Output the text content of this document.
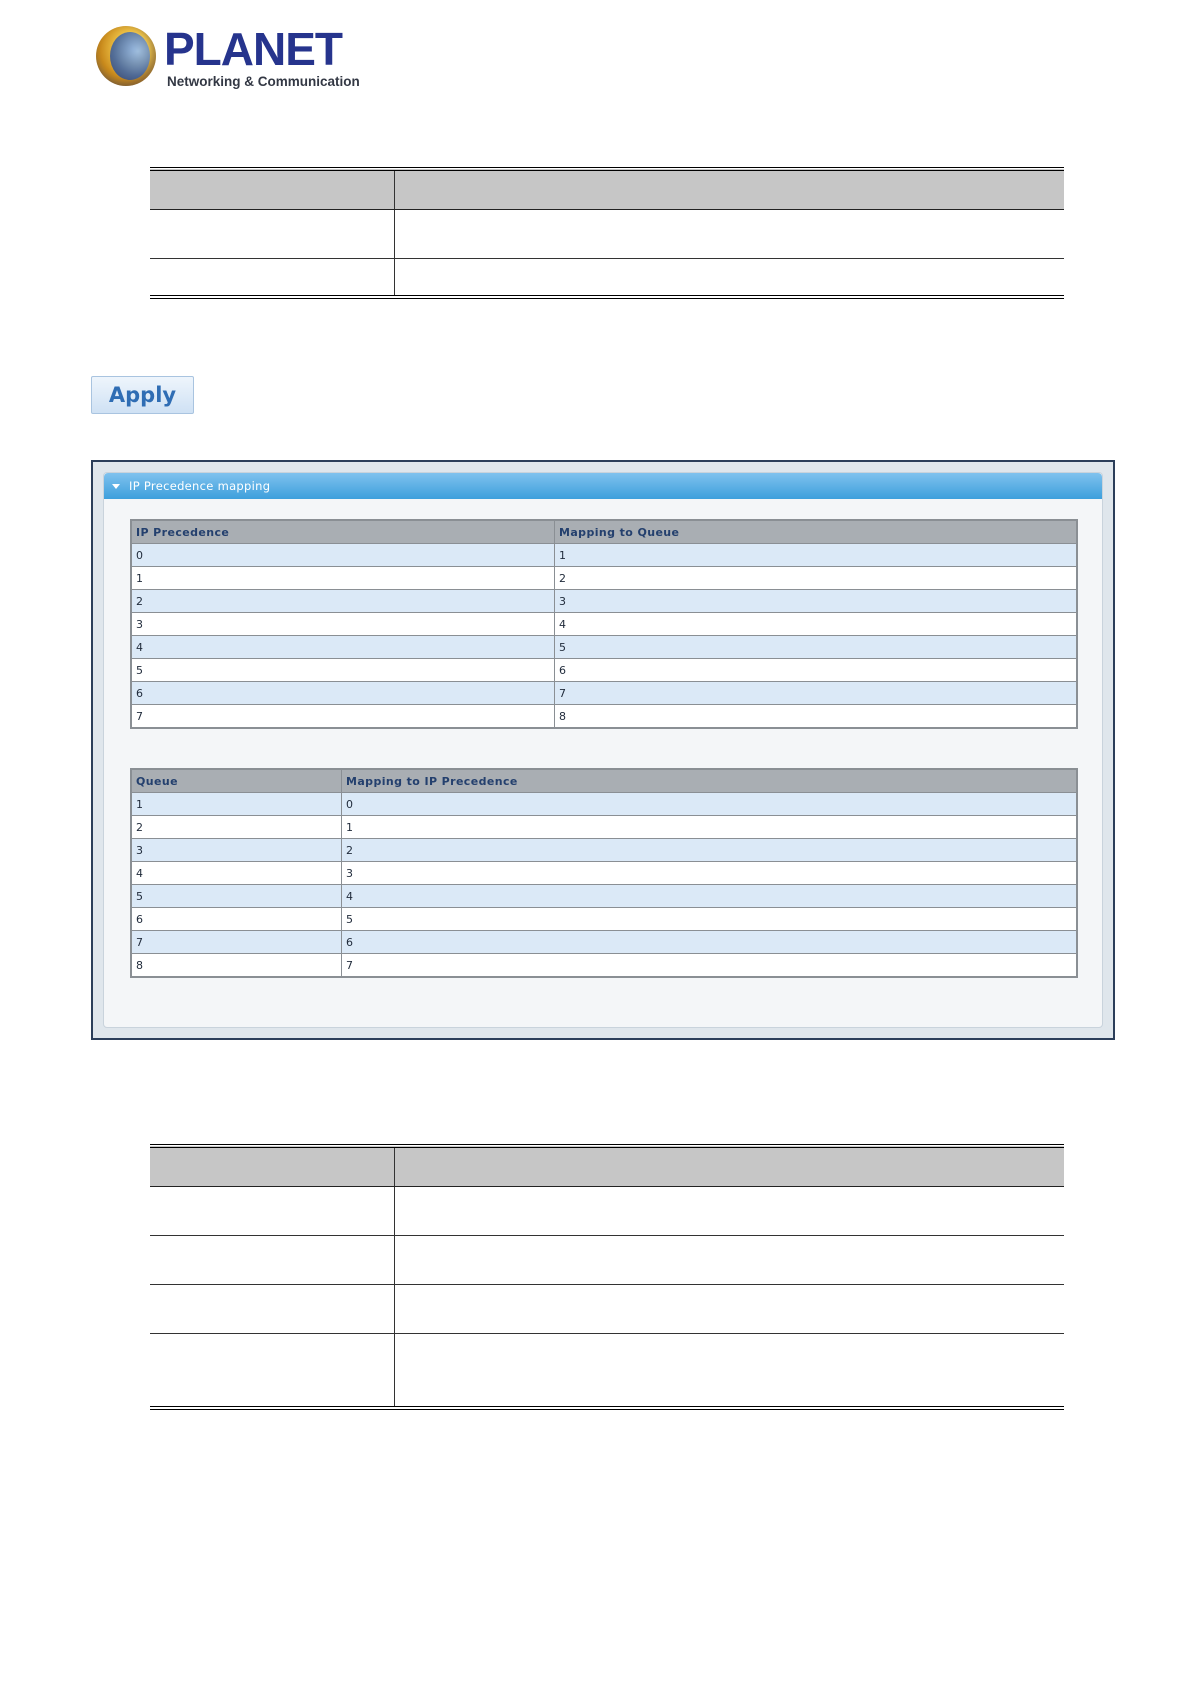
PLANET
Networking & Communication

Apply
IP Precedence mapping
IP Precedence	Mapping to Queue
0	1
1	2
2	3
3	4
4	5
5	6
6	7
7	8
Queue	Mapping to IP Precedence
1	0
2	1
3	2
4	3
5	4
6	5
7	6
8	7
